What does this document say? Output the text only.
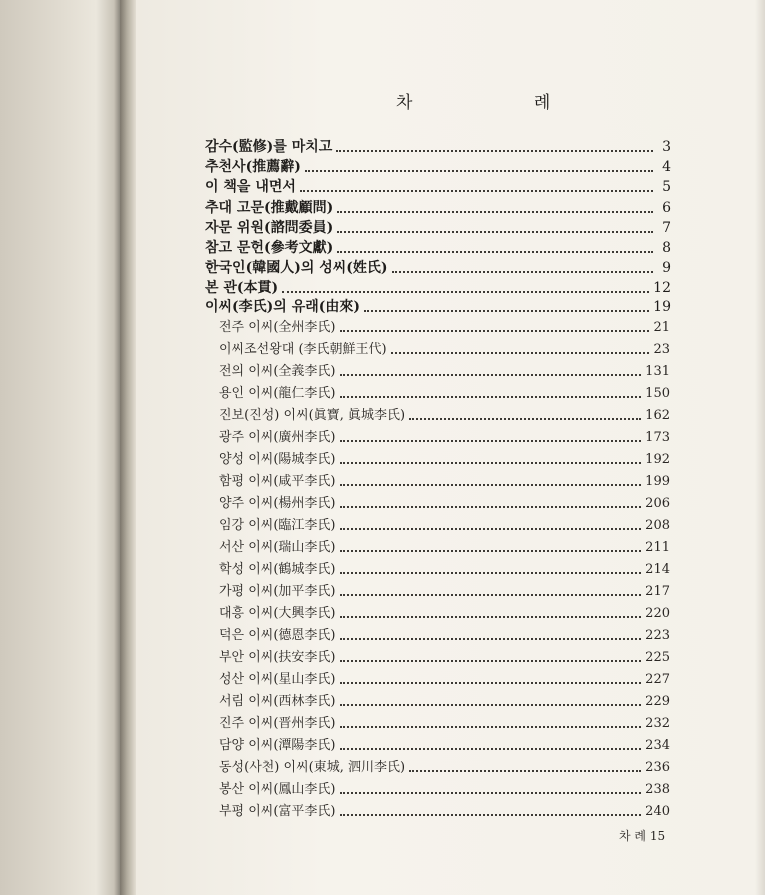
차 례
감수(監修)를 마치고	3
추천사(推薦辭)	4
이 책을 내면서	5
추대 고문(推戴顧問)	6
자문 위원(諮問委員)	7
참고 문헌(參考文獻)	8
한국인(韓國人)의 성씨(姓氏)	9
본 관(本貫)	12
이씨(李氏)의 유래(由來)	19
전주 이씨(全州李氏)	21
이씨조선왕대 (李氏朝鮮王代)	23
전의 이씨(全義李氏)	131
용인 이씨(龍仁李氏)	150
진보(진성) 이씨(眞寶, 眞城李氏)	162
광주 이씨(廣州李氏)	173
양성 이씨(陽城李氏)	192
함평 이씨(咸平李氏)	199
양주 이씨(楊州李氏)	206
임강 이씨(臨江李氏)	208
서산 이씨(瑞山李氏)	211
학성 이씨(鶴城李氏)	214
가평 이씨(加平李氏)	217
대흥 이씨(大興李氏)	220
덕은 이씨(德恩李氏)	223
부안 이씨(扶安李氏)	225
성산 이씨(星山李氏)	227
서림 이씨(西林李氏)	229
진주 이씨(晋州李氏)	232
담양 이씨(潭陽李氏)	234
동성(사천) 이씨(東城, 泗川李氏)	236
봉산 이씨(鳳山李氏)	238
부평 이씨(富平李氏)	240
차 례 15
